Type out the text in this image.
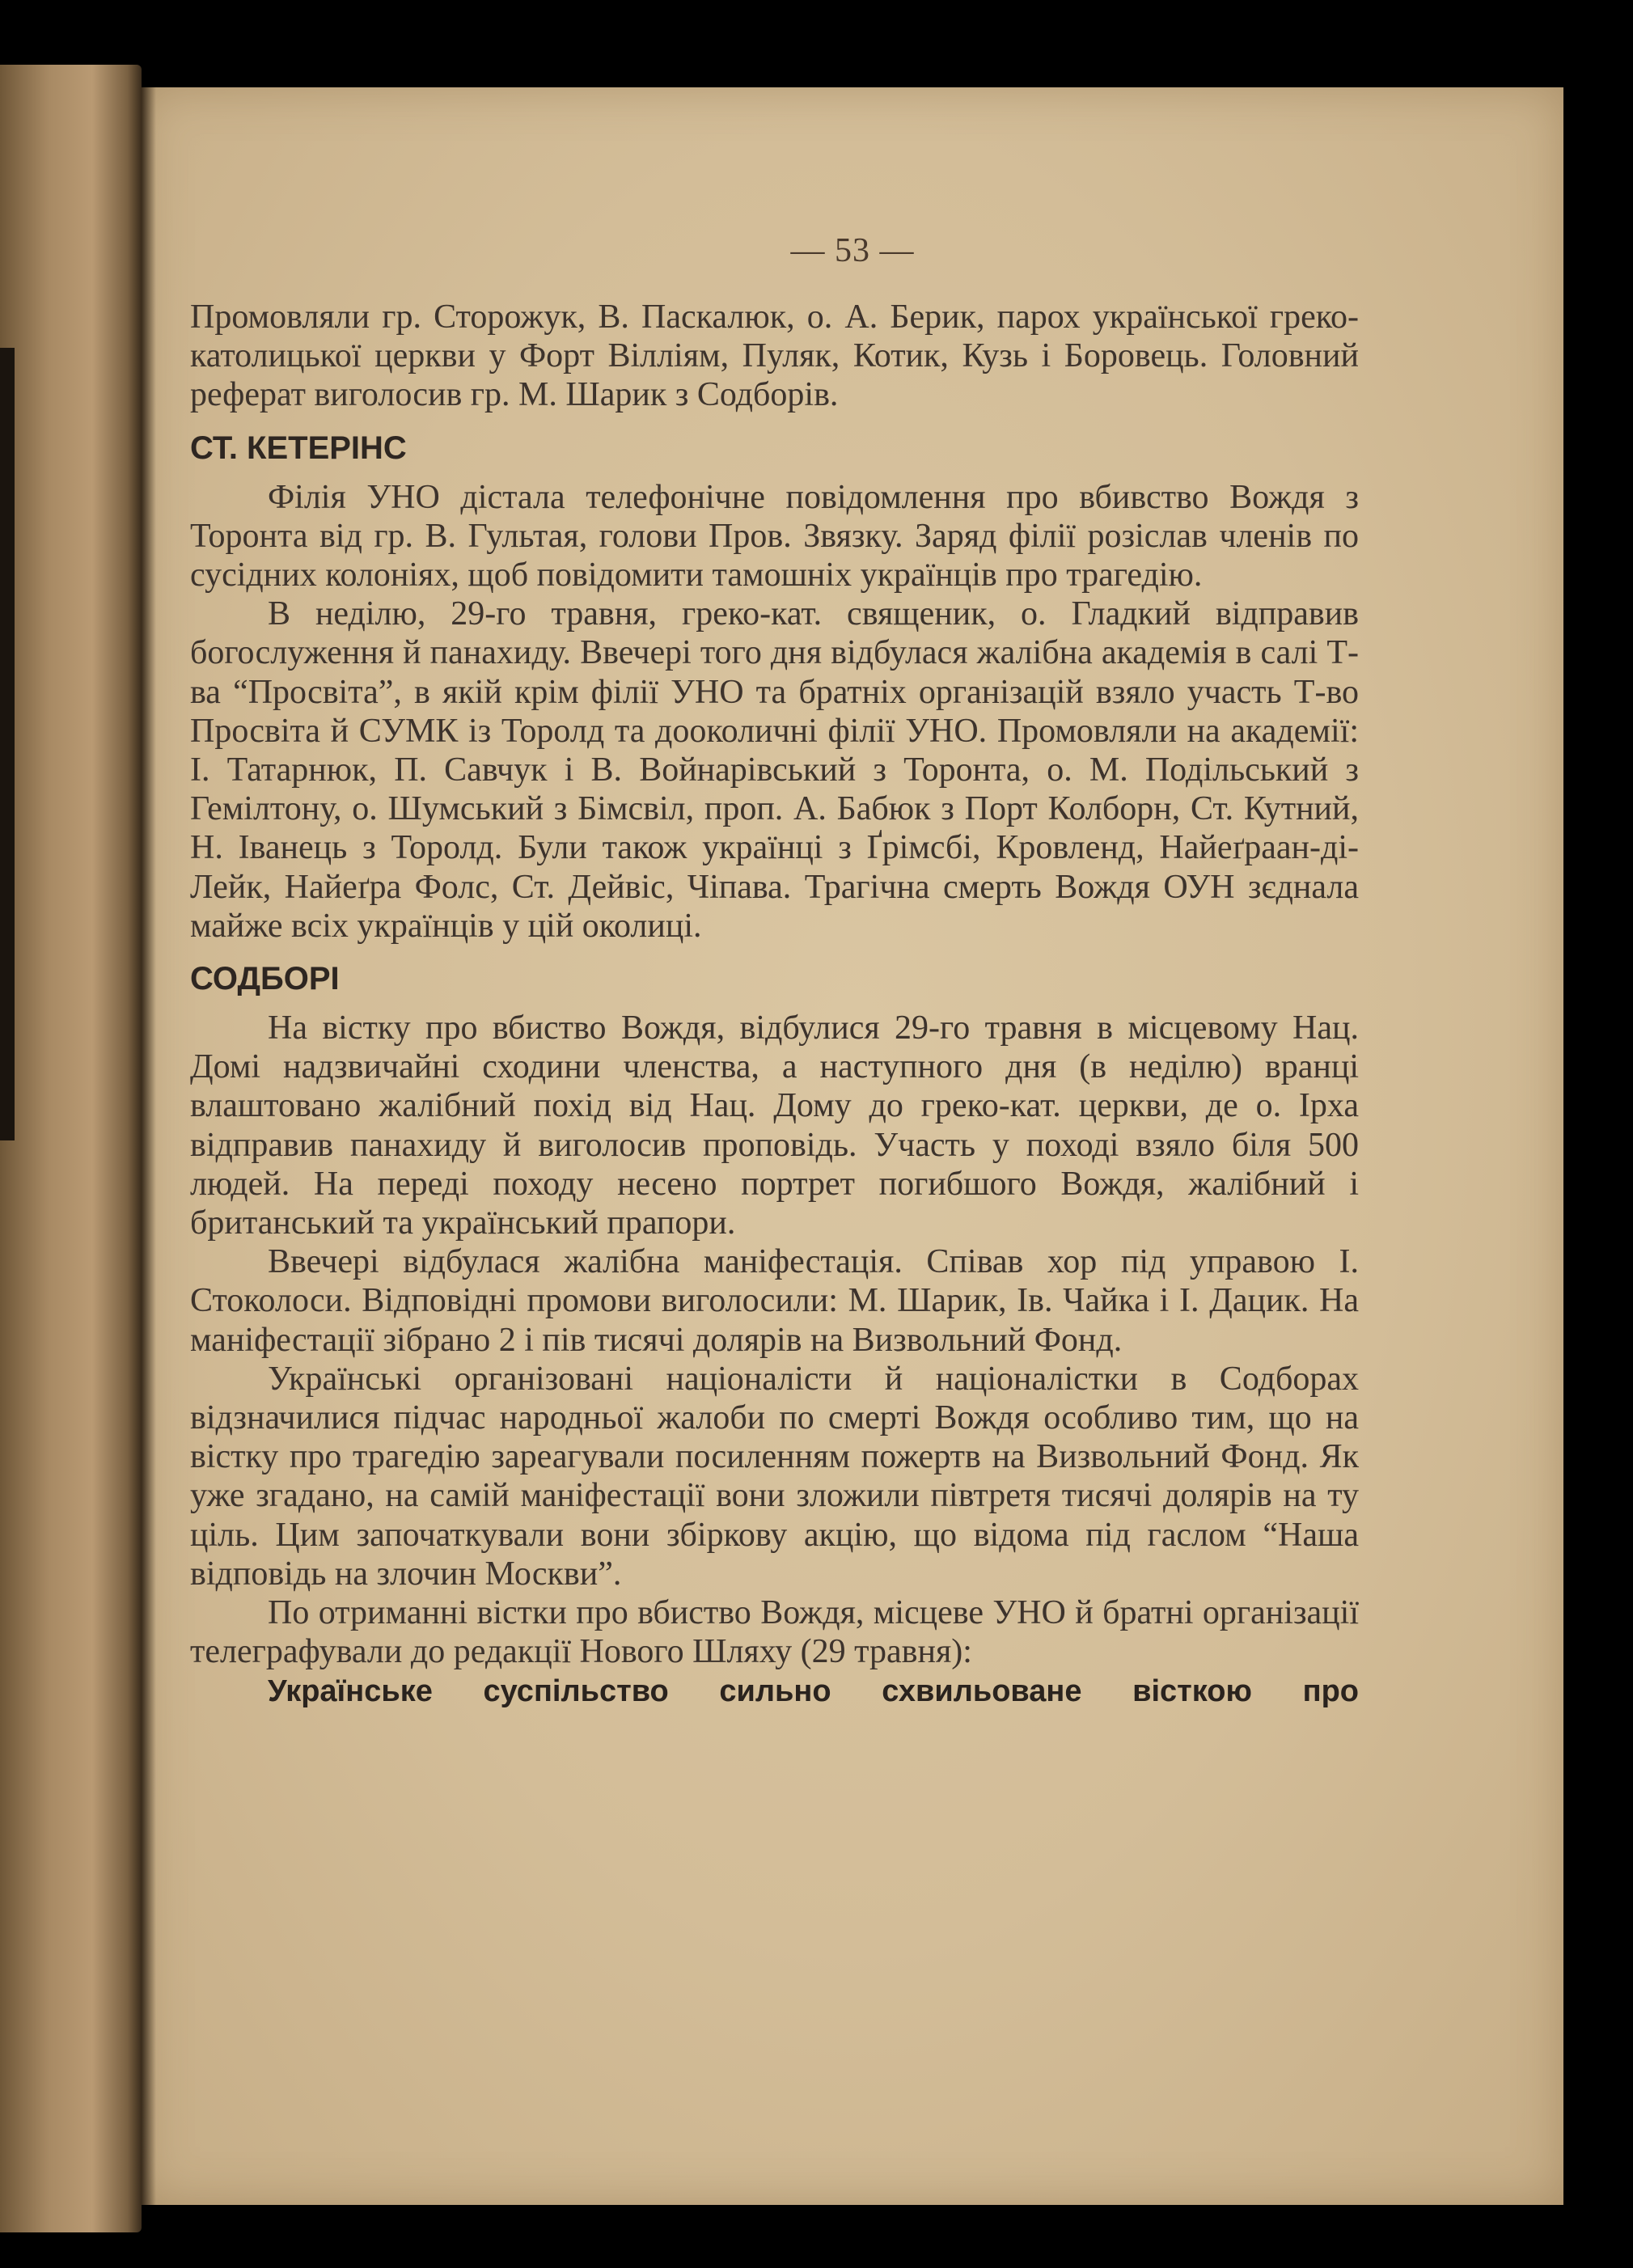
— 53 —

Промовляли гр. Сторожук, В. Паскалюк, о. А. Берик, парох української греко-католицької церкви у Форт Вілліям, Пуляк, Котик, Кузь і Боровець. Головний реферат виголосив гр. М. Шарик з Содборів.

СТ. КЕТЕРІНС

Філія УНО дістала телефонічне повідомлення про вбивство Вождя з Торонта від гр. В. Гультая, голови Пров. Звязку. Заряд філії розіслав членів по сусідних колоніях, щоб повідомити тамошніх українців про трагедію.

В неділю, 29-го травня, греко-кат. священик, о. Гладкий відправив богослуження й панахиду. Ввечері того дня відбулася жалібна академія в салі Т-ва “Просвіта”, в якій крім філії УНО та братніх організацій взяло участь Т-во Просвіта й СУМК із Торолд та дооколичні філії УНО. Промовляли на академії: І. Татарнюк, П. Савчук і В. Войнарівський з Торонта, о. М. Подільський з Гемілтону, о. Шумський з Бімсвіл, проп. А. Бабюк з Порт Колборн, Ст. Кутний, Н. Іванець з Торолд. Були також українці з Ґрімсбі, Кровленд, Найеґраан-ді-Лейк, Найеґра Фолс, Ст. Дейвіс, Чіпава. Трагічна смерть Вождя ОУН зєднала майже всіх українців у цій околиці.

СОДБОРІ

На вістку про вбиство Вождя, відбулися 29-го травня в місцевому Нац. Домі надзвичайні сходини членства, а наступного дня (в неділю) вранці влаштовано жалібний похід від Нац. Дому до греко-кат. церкви, де о. Ірха відправив панахиду й виголосив проповідь. Участь у поході взяло біля 500 людей. На переді походу несено портрет погибшого Вождя, жалібний і британський та український прапори.

Ввечері відбулася жалібна маніфестація. Співав хор під управою І. Стоколоси. Відповідні промови виголосили: М. Шарик, Ів. Чайка і І. Дацик. На маніфестації зібрано 2 і пів тисячі долярів на Визвольний Фонд.

Українські організовані націоналісти й націоналістки в Содборах відзначилися підчас народньої жалоби по смерті Вождя особливо тим, що на вістку про трагедію зареагували посиленням пожертв на Визвольний Фонд. Як уже згадано, на самій маніфестації вони зложили півтретя тисячі долярів на ту ціль. Цим започаткували вони збіркову акцію, що відома під гаслом “Наша відповідь на злочин Москви”.

По отриманні вістки про вбиство Вождя, місцеве УНО й братні організації телеграфували до редакції Нового Шляху (29 травня):

Українське суспільство сильно схвильоване вісткою про
